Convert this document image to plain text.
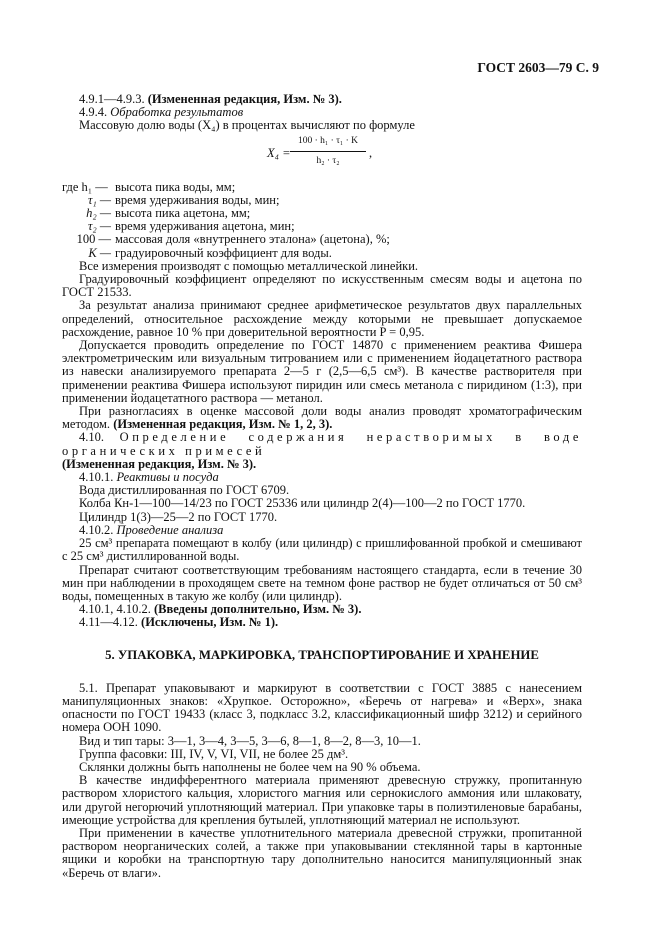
ГОСТ 2603—79 С. 9

4.9.1—4.9.3. (Измененная редакция, Изм. № 3).

4.9.4. Обработка результатов

Массовую долю воды (X₄) в процентах вычисляют по формуле

$X_4 = \frac{\text{100 · h₁ · τ₁ · K}}{\text{h₂ · τ₂}}$ ,
где h₁ — высота пика воды, мм;
τ₁ — время удерживания воды, мин;
h₂ — высота пика ацетона, мм;
τ₂ — время удерживания ацетона, мин;
100 — массовая доля «внутреннего эталона» (ацетона), %;
K — градуировочный коэффициент для воды.

Все измерения производят с помощью металлической линейки.

Градуировочный коэффициент определяют по искусственным смесям воды и ацетона по ГОСТ 21533.

За результат анализа принимают среднее арифметическое результатов двух параллельных определений, относительное расхождение между которыми не превышает допускаемое расхождение, равное 10 % при доверительной вероятности P = 0,95.

Допускается проводить определение по ГОСТ 14870 с применением реактива Фишера электрометрическим или визуальным титрованием или с применением йодацетатного раствора из навески анализируемого препарата 2—5 г (2,5—6,5 см³). В качестве растворителя при применении реактива Фишера используют пиридин или смесь метанола с пиридином (1:3), при применении йодацетатного раствора — метанол.

При разногласиях в оценке массовой доли воды анализ проводят хроматографическим методом. (Измененная редакция, Изм. № 1, 2, 3).

4.10. Определение содержания нерастворимых в воде органических примесей

(Измененная редакция, Изм. № 3).

4.10.1. Реактивы и посуда

Вода дистиллированная по ГОСТ 6709.

Колба Кн-1—100—14/23 по ГОСТ 25336 или цилиндр 2(4)—100—2 по ГОСТ 1770.

Цилиндр 1(3)—25—2 по ГОСТ 1770.

4.10.2. Проведение анализа

25 см³ препарата помещают в колбу (или цилиндр) с пришлифованной пробкой и смешивают с 25 см³ дистиллированной воды.

Препарат считают соответствующим требованиям настоящего стандарта, если в течение 30 мин при наблюдении в проходящем свете на темном фоне раствор не будет отличаться от 50 см³ воды, помещенных в такую же колбу (или цилиндр).

4.10.1, 4.10.2. (Введены дополнительно, Изм. № 3).

4.11—4.12. (Исключены, Изм. № 1).

5. УПАКОВКА, МАРКИРОВКА, ТРАНСПОРТИРОВАНИЕ И ХРАНЕНИЕ

5.1. Препарат упаковывают и маркируют в соответствии с ГОСТ 3885 с нанесением манипуляционных знаков: «Хрупкое. Осторожно», «Беречь от нагрева» и «Верх», знака опасности по ГОСТ 19433 (класс 3, подкласс 3.2, классификационный шифр 3212) и серийного номера ООН 1090.

Вид и тип тары: 3—1, 3—4, 3—5, 3—6, 8—1, 8—2, 8—3, 10—1.

Группа фасовки: III, IV, V, VI, VII, не более 25 дм³.

Склянки должны быть наполнены не более чем на 90 % объема.

В качестве индифферентного материала применяют древесную стружку, пропитанную раствором хлористого кальция, хлористого магния или сернокислого аммония или шлаковату, или другой негорючий уплотняющий материал. При упаковке тары в полиэтиленовые барабаны, имеющие устройства для крепления бутылей, уплотняющий материал не используют.

При применении в качестве уплотнительного материала древесной стружки, пропитанной раствором неорганических солей, а также при упаковывании стеклянной тары в картонные ящики и коробки на транспортную тару дополнительно наносится манипуляционный знак «Беречь от влаги».
